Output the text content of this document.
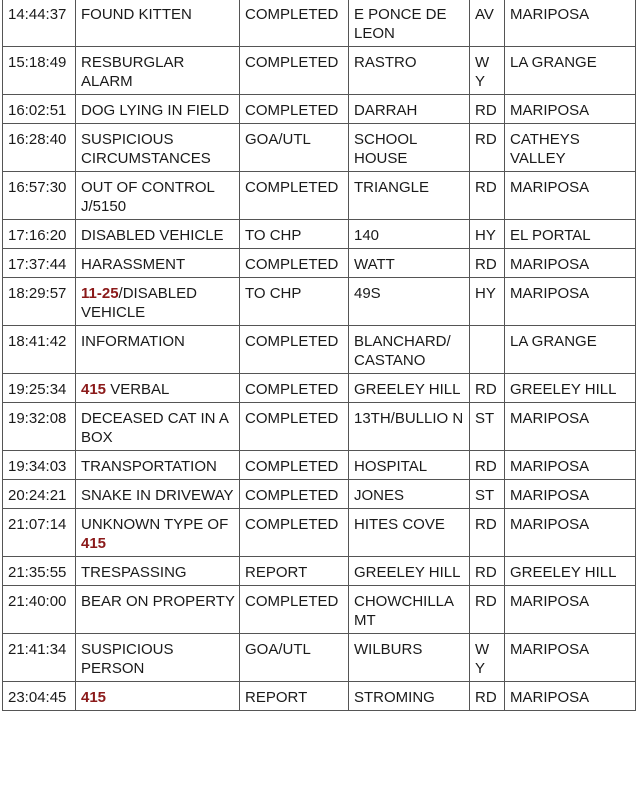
14:44:37	FOUND KITTEN	COMPLETED	E PONCE DE LEON	AV	MARIPOSA
15:18:49	RESBURGLAR ALARM	COMPLETED	RASTRO	W Y	LA GRANGE
16:02:51	DOG LYING IN FIELD	COMPLETED	DARRAH	RD	MARIPOSA
16:28:40	SUSPICIOUS CIRCUMSTANCES	GOA/UTL	SCHOOL HOUSE	RD	CATHEYS VALLEY
16:57:30	OUT OF CONTROL J/5150	COMPLETED	TRIANGLE	RD	MARIPOSA
17:16:20	DISABLED VEHICLE	TO CHP	140	HY	EL PORTAL
17:37:44	HARASSMENT	COMPLETED	WATT	RD	MARIPOSA
18:29:57	11-25/DISABLED VEHICLE	TO CHP	49S	HY	MARIPOSA
18:41:42	INFORMATION	COMPLETED	BLANCHARD/ CASTANO		LA GRANGE
19:25:34	415 VERBAL	COMPLETED	GREELEY HILL	RD	GREELEY HILL
19:32:08	DECEASED CAT IN A BOX	COMPLETED	13TH/BULLIO N	ST	MARIPOSA
19:34:03	TRANSPORTATION	COMPLETED	HOSPITAL	RD	MARIPOSA
20:24:21	SNAKE IN DRIVEWAY	COMPLETED	JONES	ST	MARIPOSA
21:07:14	UNKNOWN TYPE OF 415	COMPLETED	HITES COVE	RD	MARIPOSA
21:35:55	TRESPASSING	REPORT	GREELEY HILL	RD	GREELEY HILL
21:40:00	BEAR ON PROPERTY	COMPLETED	CHOWCHILLA MT	RD	MARIPOSA
21:41:34	SUSPICIOUS PERSON	GOA/UTL	WILBURS	W Y	MARIPOSA
23:04:45	415	REPORT	STROMING	RD	MARIPOSA
